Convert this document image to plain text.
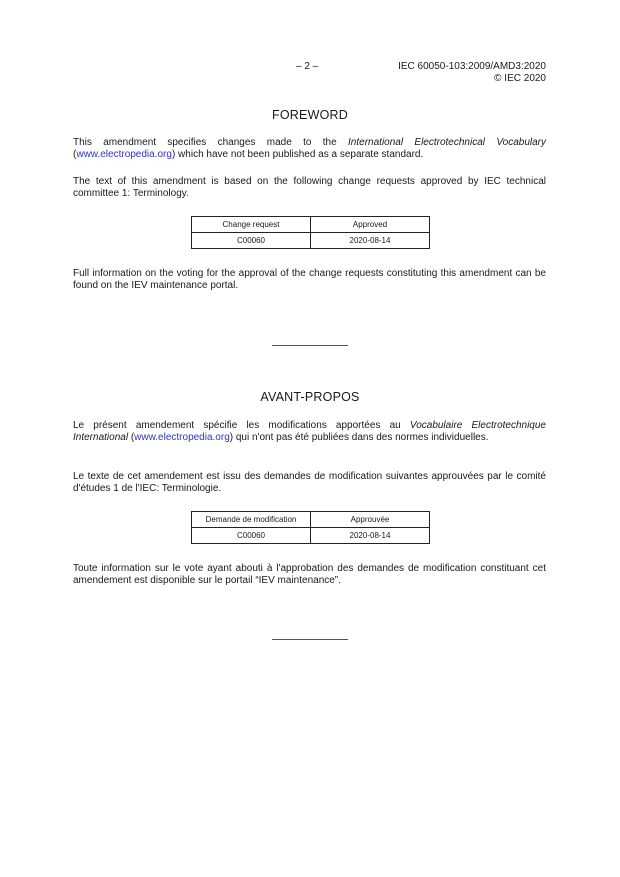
– 2 –	IEC 60050-103:2009/AMD3:2020
© IEC 2020
FOREWORD
This amendment specifies changes made to the International Electrotechnical Vocabulary (www.electropedia.org) which have not been published as a separate standard.
The text of this amendment is based on the following change requests approved by IEC technical committee 1: Terminology.
Change request	Approved
C00060	2020-08-14
Full information on the voting for the approval of the change requests constituting this amendment can be found on the IEV maintenance portal.
AVANT-PROPOS
Le présent amendement spécifie les modifications apportées au Vocabulaire Electrotechnique International (www.electropedia.org) qui n'ont pas été publiées dans des normes individuelles.
Le texte de cet amendement est issu des demandes de modification suivantes approuvées par le comité d'études 1 de l'IEC: Terminologie.
Demande de modification	Approuvée
C00060	2020-08-14
Toute information sur le vote ayant abouti à l'approbation des demandes de modification constituant cet amendement est disponible sur le portail “IEV maintenance”.
